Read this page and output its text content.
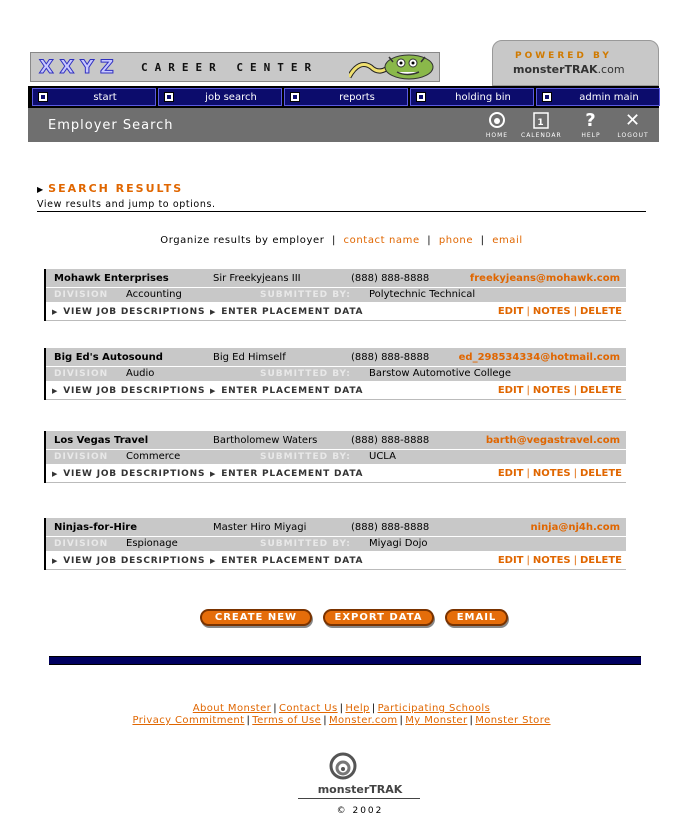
XXYZ CAREER CENTER
POWERED BY
monsterTRAK.com
start	job search	reports	holding bin	admin main
Employer Search
HOME
1
CALENDAR
?
HELP
✕
LOGOUT
▶ SEARCH RESULTS
View results and jump to options.
Organize results by employer  |  contact name  |  phone  |  email
Mohawk Enterprises	Sir Freekyjeans III	(888) 888-8888	freekyjeans@mohawk.com
DIVISION Accounting	SUBMITTED BY: Polytechnic Technical
▶ VIEW JOB DESCRIPTIONS ▶ ENTER PLACEMENT DATA	EDIT | NOTES | DELETE
Big Ed's Autosound	Big Ed Himself	(888) 888-8888	ed_298534334@hotmail.com
DIVISION Audio	SUBMITTED BY: Barstow Automotive College
▶ VIEW JOB DESCRIPTIONS ▶ ENTER PLACEMENT DATA	EDIT | NOTES | DELETE
Los Vegas Travel	Bartholomew Waters	(888) 888-8888	barth@vegastravel.com
DIVISION Commerce	SUBMITTED BY: UCLA
▶ VIEW JOB DESCRIPTIONS ▶ ENTER PLACEMENT DATA	EDIT | NOTES | DELETE
Ninjas-for-Hire	Master Hiro Miyagi	(888) 888-8888	ninja@nj4h.com
DIVISION Espionage	SUBMITTED BY: Miyagi Dojo
▶ VIEW JOB DESCRIPTIONS ▶ ENTER PLACEMENT DATA	EDIT | NOTES | DELETE
CREATE NEW	EXPORT DATA	EMAIL
About Monster | Contact Us | Help | Participating Schools
Privacy Commitment | Terms of Use | Monster.com | My Monster | Monster Store
monsterTRAK
© 2002
